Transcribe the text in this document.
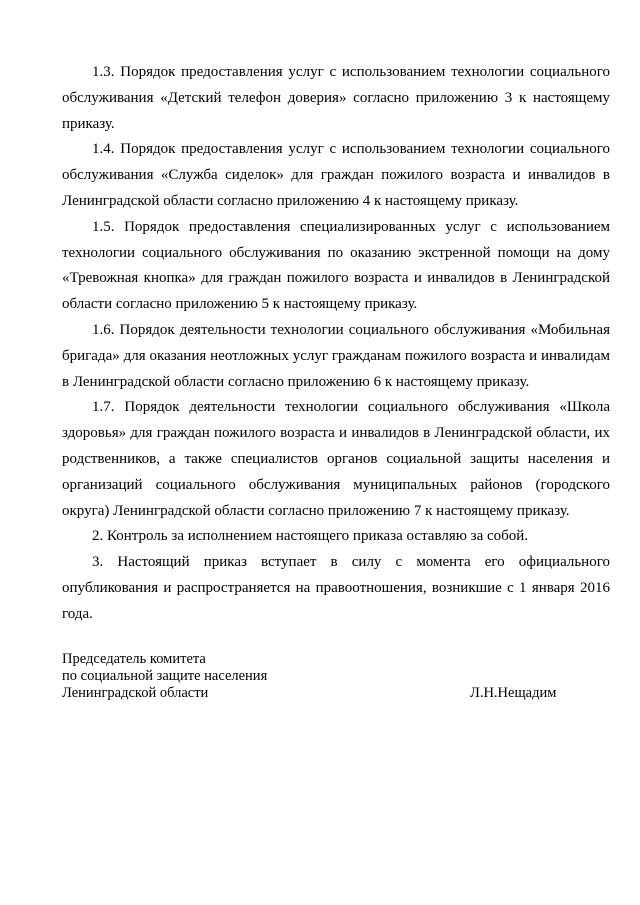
1.3. Порядок предоставления услуг с использованием технологии социального обслуживания «Детский телефон доверия» согласно приложению 3 к настоящему приказу.

1.4. Порядок предоставления услуг с использованием технологии социального обслуживания «Служба сиделок» для граждан пожилого возраста и инвалидов в Ленинградской области согласно приложению 4 к настоящему приказу.

1.5. Порядок предоставления специализированных услуг с использованием технологии социального обслуживания по оказанию экстренной помощи на дому «Тревожная кнопка» для граждан пожилого возраста и инвалидов в Ленинградской области согласно приложению 5 к настоящему приказу.

1.6. Порядок деятельности технологии социального обслуживания «Мобильная бригада» для оказания неотложных услуг гражданам пожилого возраста и инвалидам в Ленинградской области согласно приложению 6 к настоящему приказу.

1.7. Порядок деятельности технологии социального обслуживания «Школа здоровья» для граждан пожилого возраста и инвалидов в Ленинградской области, их родственников, а также специалистов органов социальной защиты населения и организаций социального обслуживания муниципальных районов (городского округа) Ленинградской области согласно приложению 7 к настоящему приказу.

2. Контроль за исполнением настоящего приказа оставляю за собой.

3. Настоящий приказ вступает в силу с момента его официального опубликования и распространяется на правоотношения, возникшие с 1 января 2016 года.

Председатель комитета

по социальной защите населения

Ленинградской области	Л.Н.Нещадим
